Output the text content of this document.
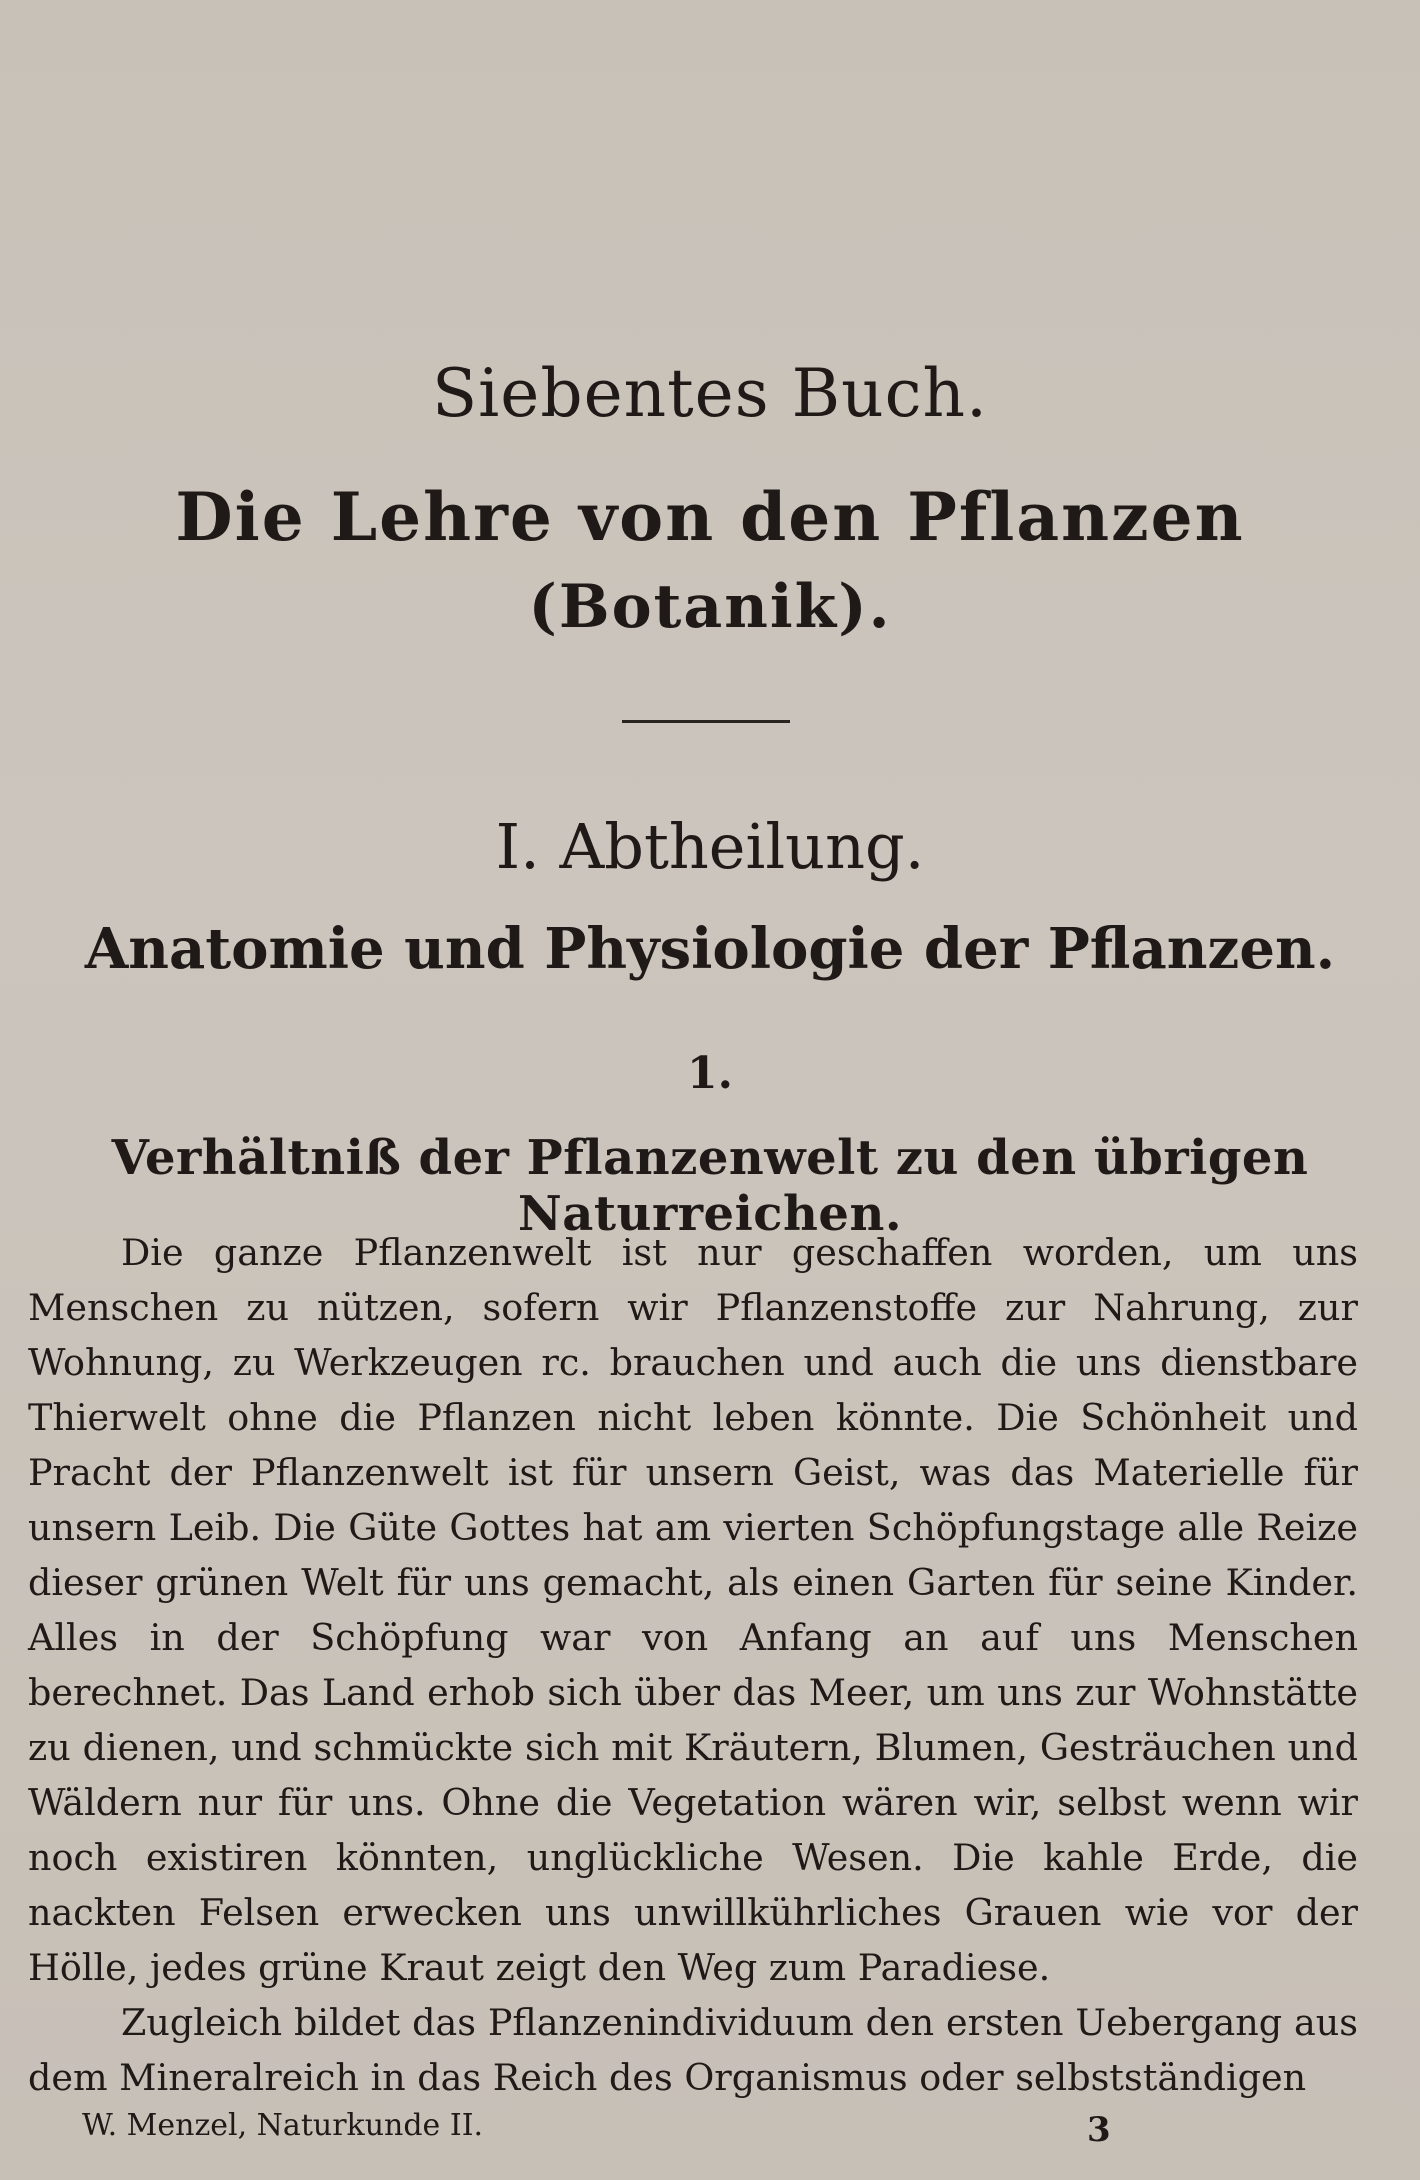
Siebentes Buch.
Die Lehre von den Pflanzen
(Botanik).
I. Abtheilung.
Anatomie und Physiologie der Pflanzen.
1.
Verhältniß der Pflanzenwelt zu den übrigen Naturreichen.

Die ganze Pflanzenwelt ist nur geschaffen worden, um uns Menschen zu nützen, sofern wir Pflanzenstoffe zur Nahrung, zur Wohnung, zu Werkzeugen rc. brauchen und auch die uns dienstbare Thierwelt ohne die Pflanzen nicht leben könnte. Die Schönheit und Pracht der Pflanzenwelt ist für unsern Geist, was das Materielle für unsern Leib. Die Güte Gottes hat am vierten Schöpfungstage alle Reize dieser grünen Welt für uns gemacht, als einen Garten für seine Kinder. Alles in der Schöpfung war von Anfang an auf uns Menschen berechnet. Das Land erhob sich über das Meer, um uns zur Wohnstätte zu dienen, und schmückte sich mit Kräutern, Blumen, Gesträuchen und Wäldern nur für uns. Ohne die Vegetation wären wir, selbst wenn wir noch existiren könnten, unglückliche Wesen. Die kahle Erde, die nackten Felsen erwecken uns unwillkührliches Grauen wie vor der Hölle, jedes grüne Kraut zeigt den Weg zum Paradiese.

Zugleich bildet das Pflanzenindividuum den ersten Uebergang aus dem Mineralreich in das Reich des Organismus oder selbstständigen

W. Menzel, Naturkunde II.	3
